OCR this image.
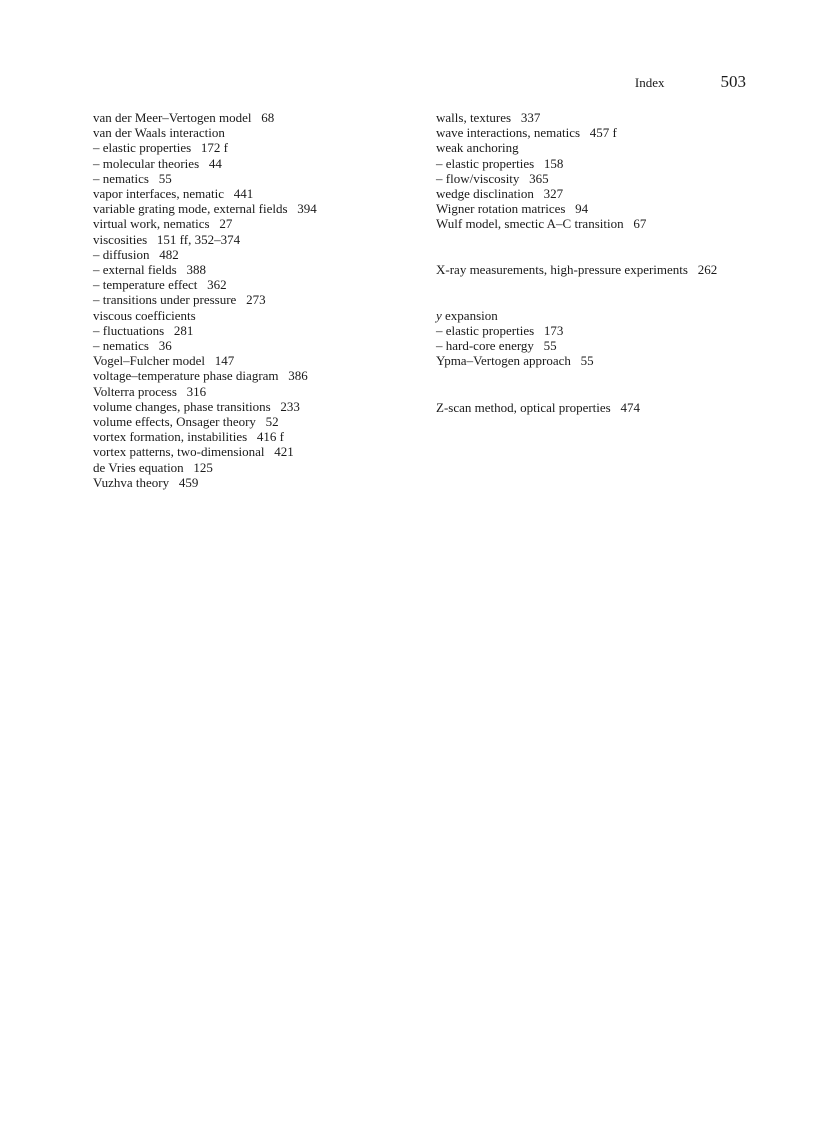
Index	503
van der Meer–Vertogen model   68
van der Waals interaction
– elastic properties   172 f
– molecular theories   44
– nematics   55
vapor interfaces, nematic   441
variable grating mode, external fields   394
virtual work, nematics   27
viscosities   151 ff, 352–374
– diffusion   482
– external fields   388
– temperature effect   362
– transitions under pressure   273
viscous coefficients
– fluctuations   281
– nematics   36
Vogel–Fulcher model   147
voltage–temperature phase diagram   386
Volterra process   316
volume changes, phase transitions   233
volume effects, Onsager theory   52
vortex formation, instabilities   416 f
vortex patterns, two-dimensional   421
de Vries equation   125
Vuzhva theory   459
walls, textures   337
wave interactions, nematics   457 f
weak anchoring
– elastic properties   158
– flow/viscosity   365
wedge disclination   327
Wigner rotation matrices   94
Wulf model, smectic A–C transition   67
X-ray measurements, high-pressure experiments   262
y expansion
– elastic properties   173
– hard-core energy   55
Ypma–Vertogen approach   55
Z-scan method, optical properties   474
